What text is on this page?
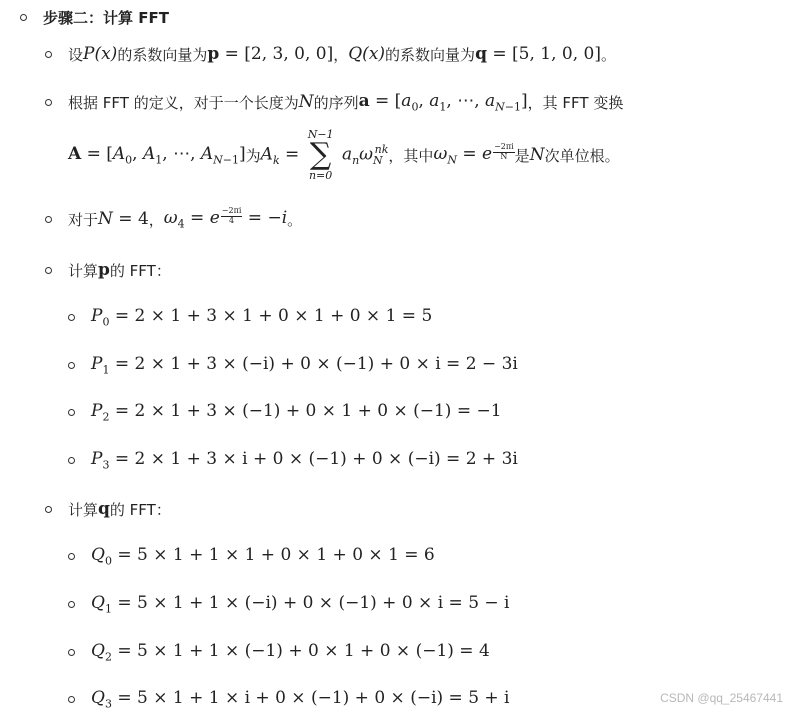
步骤二：计算 FFT
设 P(x) 的系数向量为 p = [2, 3, 0, 0] ， Q(x) 的系数向量为 q = [5, 1, 0, 0] 。
根据 FFT 的定义，对于一个长度为 N 的序列 $a = [a_0$, $a_1$, ⋯, $a_{N-1}$] ，其 FFT 变换
$A = [A_0$, $A_1$, ⋯, $A_{N-1}$] 为 $A_k$ =
N−1
∑
n=0
$a_n\omega_N^{nk}$ ，其中 $\omega_N = e \frac{-2\pi i}{N}$ 是 N 次单位根。
对于 N = 4 ， $\omega_4 = e \frac{-2\pi i}{4} = -i$ 。
计算 p 的 FFT：
$P_0 = 2 \times 1 + 3 \times 1 + 0 \times 1 + 0 \times 1 = 5$
$P_1 = 2 \times 1 + 3 \times (-i) + 0 \times (-1) + 0 \times i = 2 - 3i$
$P_2 = 2 \times 1 + 3 \times (-1) + 0 \times 1 + 0 \times (-1) = -1$
$P_3 = 2 \times 1 + 3 \times i + 0 \times (-1) + 0 \times (-i) = 2 + 3i$
计算 q 的 FFT：
$Q_0 = 5 \times 1 + 1 \times 1 + 0 \times 1 + 0 \times 1 = 6$
$Q_1 = 5 \times 1 + 1 \times (-i) + 0 \times (-1) + 0 \times i = 5 - i$
$Q_2 = 5 \times 1 + 1 \times (-1) + 0 \times 1 + 0 \times (-1) = 4$
$Q_3 = 5 \times 1 + 1 \times i + 0 \times (-1) + 0 \times (-i) = 5 + i$	CSDN @qq_25467441
